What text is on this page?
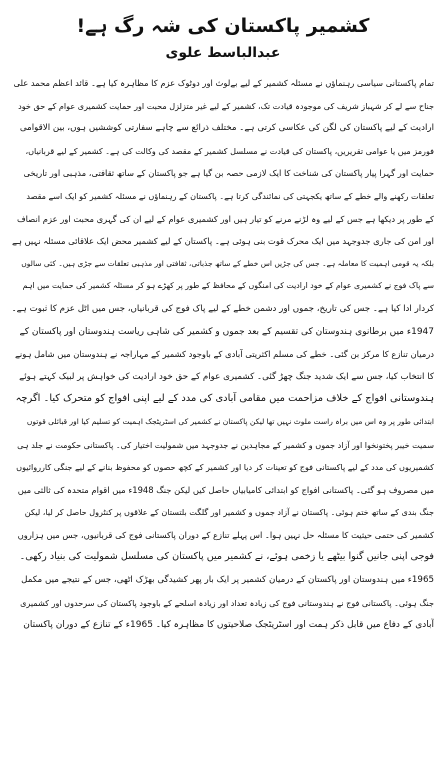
کشمیر پاکستان کی شہ رگ ہے!
عبدالباسط علوی

تمام پاکستانی سیاسی رہنماؤں نے مسئلہ کشمیر کے لیے بےلوث اور دوٹوک عزم کا مظاہرہ کیا ہے۔ قائد اعظم محمد علی
جناح سے لے کر شہباز شریف کی موجودہ قیادت تک، کشمیر کے لیے غیر متزلزل محبت اور حمایت کشمیری عوام کے حق خود
ارادیت کے لیے پاکستان کی لگن کی عکاسی کرتی ہے۔ مختلف ذرائع سے چاہے سفارتی کوششیں ہوں، بین الاقوامی
فورمز میں یا عوامی تقریریں، پاکستان کی قیادت نے مسلسل کشمیر کے مقصد کی وکالت کی ہے۔ کشمیر کے لیے قربانیاں،
حمایت اور گہرا پیار پاکستان کی شناخت کا ایک لازمی حصہ بن گیا ہے جو پاکستان کے ساتھ ثقافتی، مذہبی اور تاریخی
تعلقات رکھنے والے خطے کے ساتھ یکجہتی کی نمائندگی کرتا ہے۔ پاکستان کے رہنماؤں نے مسئلہ کشمیر کو ایک اسے مقصد
کے طور پر دیکھا ہے جس کے لیے وہ لڑنے مرنے کو تیار ہیں اور کشمیری عوام کے لیے ان کی گہری محبت اور عزم انصاف
اور امن کی جاری جدوجہد میں ایک محرک قوت بنی ہوئی ہے۔ پاکستان کے لیے کشمیر محض ایک علاقائی مسئلہ نہیں ہے
بلکہ یہ قومی اہمیت کا معاملہ ہے۔ جس کی جڑیں اس خطے کے ساتھ جذباتی، ثقافتی اور مذہبی تعلقات سے جڑی ہیں۔ کئی سالوں
سے پاک فوج نے کشمیری عوام کے خود ارادیت کی امنگوں کے محافظ کے طور پر کھڑے ہو کر مسئلہ کشمیر کی حمایت میں اہم
کردار ادا کیا ہے۔ جس کی تاریخ، جموں اور دشمن خطے کے لیے پاک فوج کی قربانیاں، جس میں اٹل عزم کا ثبوت ہے۔

1947ء میں برطانوی ہندوستان کی تقسیم کے بعد جموں و کشمیر کی شاہی ریاست ہندوستان اور پاکستان کے
درمیان تنازع کا مرکز بن گئی۔ خطے کی مسلم اکثریتی آبادی کے باوجود کشمیر کے مہاراجہ نے ہندوستان میں شامل ہونے
کا انتخاب کیا، جس سے ایک شدید جنگ چھڑ گئی۔ کشمیری عوام کے حق خود ارادیت کی خواہش پر لبیک کہتے ہوئے
ہندوستانی افواج کے خلاف مزاحمت میں مقامی آبادی کی مدد کے لیے اپنی افواج کو متحرک کیا۔ اگرچہ
ابتدائی طور پر وہ اس میں براہ راست ملوث نہیں تھا لیکن پاکستان نے کشمیر کی اسٹریٹجک اہمیت کو تسلیم کیا اور قبائلی قوتوں
سمیت خیبر پختونخوا اور آزاد جموں و کشمیر کے مجاہدین نے جدوجہد میں شمولیت اختیار کی۔ پاکستانی حکومت نے جلد ہی
کشمیریوں کی مدد کے لیے پاکستانی فوج کو تعینات کر دیا اور کشمیر کے کچھ حصوں کو محفوظ بنانے کے لیے جنگی کارروائیوں
میں مصروف ہو گئی۔ پاکستانی افواج کو ابتدائی کامیابیاں حاصل کیں لیکن جنگ 1948ء میں اقوام متحدہ کی ثالثی میں
جنگ بندی کے ساتھ ختم ہوئی۔ پاکستان نے آزاد جموں و کشمیر اور گلگت بلتستان کے علاقوں پر کنٹرول حاصل کر لیا، لیکن
کشمیر کی حتمی حیثیت کا مسئلہ حل نہیں ہوا۔ اس پہلے تنازع کے دوران پاکستانی فوج کی قربانیوں، جس میں ہزاروں
فوجی اپنی جانیں گنوا بیٹھے یا زخمی ہوئے، نے کشمیر میں پاکستان کی مسلسل شمولیت کی بنیاد رکھی۔

1965ء میں ہندوستان اور پاکستان کے درمیان کشمیر پر ایک بار پھر کشیدگی بھڑک اٹھی، جس کے نتیجے میں مکمل
جنگ ہوئی۔ پاکستانی فوج نے ہندوستانی فوج کی زیادہ تعداد اور زیادہ اسلحے کے باوجود پاکستان کی سرحدوں اور کشمیری
آبادی کے دفاع میں قابل ذکر ہمت اور اسٹریٹجک صلاحیتوں کا مظاہرہ کیا۔ 1965ء کے تنازع کے دوران پاکستان
